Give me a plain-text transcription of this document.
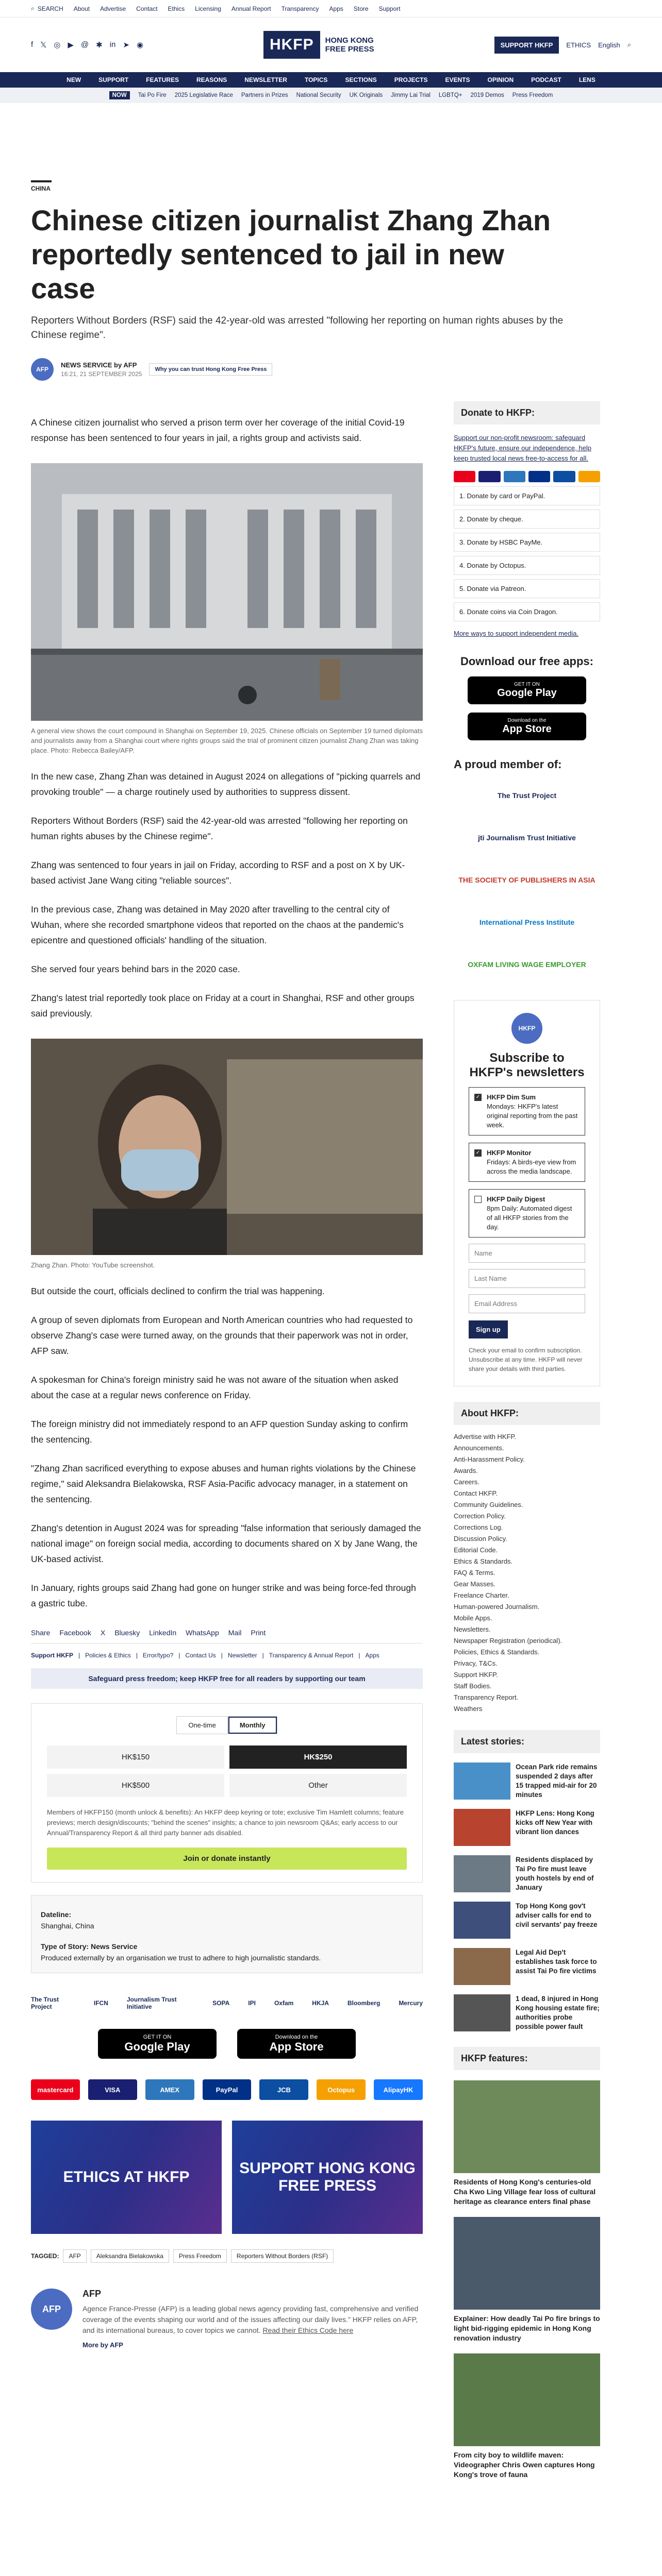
⌕ SEARCH About Advertise Contact Ethics Licensing Annual Report Transparency Apps Store Support
f 𝕏 ◎ ▶ @ ✱ in ➤ ◉	HKFP	HONG KONG
FREE PRESS	SUPPORT HKFP	ETHICS English ⌕
NEW	SUPPORT	FEATURES	REASONS	NEWSLETTER	TOPICS	SECTIONS	PROJECTS	EVENTS	OPINION	PODCAST	LENS
NOW	Tai Po Fire 2025 Legislative Race Partners in Prizes National Security UK Originals Jimmy Lai Trial LGBTQ+ 2019 Demos Press Freedom
CHINA
Chinese citizen journalist Zhang Zhan reportedly sentenced to jail in new case
Reporters Without Borders (RSF) said the 42-year-old was arrested "following her reporting on human rights abuses by the Chinese regime".
AFP
NEWS SERVICE by AFP
16:21, 21 SEPTEMBER 2025
Why you can trust Hong Kong Free Press

A Chinese citizen journalist who served a prison term over her coverage of the initial Covid-19 response has been sentenced to four years in jail, a rights group and activists said.

A general view shows the court compound in Shanghai on September 19, 2025. Chinese officials on September 19 turned diplomats and journalists away from a Shanghai court where rights groups said the trial of prominent citizen journalist Zhang Zhan was taking place. Photo: Rebecca Bailey/AFP.

In the new case, Zhang Zhan was detained in August 2024 on allegations of "picking quarrels and provoking trouble" — a charge routinely used by authorities to suppress dissent.

Reporters Without Borders (RSF) said the 42-year-old was arrested "following her reporting on human rights abuses by the Chinese regime".

Zhang was sentenced to four years in jail on Friday, according to RSF and a post on X by UK-based activist Jane Wang citing "reliable sources".

In the previous case, Zhang was detained in May 2020 after travelling to the central city of Wuhan, where she recorded smartphone videos that reported on the chaos at the pandemic's epicentre and questioned officials' handling of the situation.

She served four years behind bars in the 2020 case.

Zhang's latest trial reportedly took place on Friday at a court in Shanghai, RSF and other groups said previously.

Zhang Zhan. Photo: YouTube screenshot.

But outside the court, officials declined to confirm the trial was happening.

A group of seven diplomats from European and North American countries who had requested to observe Zhang's case were turned away, on the grounds that their paperwork was not in order, AFP saw.

A spokesman for China's foreign ministry said he was not aware of the situation when asked about the case at a regular news conference on Friday.

The foreign ministry did not immediately respond to an AFP question Sunday asking to confirm the sentencing.

"Zhang Zhan sacrificed everything to expose abuses and human rights violations by the Chinese regime," said Aleksandra Bielakowska, RSF Asia-Pacific advocacy manager, in a statement on the sentencing.

Zhang's detention in August 2024 was for spreading "false information that seriously damaged the national image" on foreign social media, according to documents shared on X by Jane Wang, the UK-based activist.

In January, rights groups said Zhang had gone on hunger strike and was being force-fed through a gastric tube.

Share Facebook X Bluesky LinkedIn WhatsApp Mail Print
Support HKFP | Policies & Ethics | Error/typo? | Contact Us | Newsletter | Transparency & Annual Report | Apps
Safeguard press freedom; keep HKFP free for all readers by supporting our team
One-time	Monthly
HK$150	HK$250
HK$500	Other
Members of HKFP150 (month unlock & benefits): An HKFP deep keyring or tote; exclusive Tim Hamlett columns; feature previews; merch design/discounts; "behind the scenes" insights; a chance to join newsroom Q&As; early access to our Annual/Transparency Report & all third party banner ads disabled.
Join or donate instantly
Dateline:
Shanghai, China
Type of Story: News Service
Produced externally by an organisation we trust to adhere to high journalistic standards.
The Trust Project	IFCN	Journalism Trust Initiative	SOPA	IPI	Oxfam	HKJA	Bloomberg	Mercury
GET IT ON
Google Play
Download on the
App Store
mastercard	VISA	AMEX	PayPal	JCB	Octopus	AlipayHK
ETHICS AT HKFP
SUPPORT HONG KONG FREE PRESS
TAGGED:	AFP	Aleksandra Bielakowska	Press Freedom	Reporters Without Borders (RSF)
AFP
AFP

Agence France-Presse (AFP) is a leading global news agency providing fast, comprehensive and verified coverage of the events shaping our world and of the issues affecting our daily lives." HKFP relies on AFP, and its international bureaus, to cover topics we cannot. Read their Ethics Code here

More by AFP
Donate to HKFP:
Support our non-profit newsroom: safeguard HKFP's future, ensure our independence, help keep trusted local news free-to-access for all.
1. Donate by card or PayPal.
2. Donate by cheque.
3. Donate by HSBC PayMe.
4. Donate by Octopus.
5. Donate via Patreon.
6. Donate coins via Coin Dragon.
More ways to support independent media.
Download our free apps:
GET IT ON
Google Play
Download on the
App Store
A proud member of:
The Trust Project
jti Journalism Trust Initiative
THE SOCIETY OF PUBLISHERS IN ASIA
International Press Institute
OXFAM LIVING WAGE EMPLOYER
HKFP
Subscribe to HKFP's newsletters
✓ HKFP Dim Sum
Mondays: HKFP's latest original reporting from the past week.
✓ HKFP Monitor
Fridays: A birds-eye view from across the media landscape.
HKFP Daily Digest
8pm Daily: Automated digest of all HKFP stories from the day.
Name
Last Name
Email Address
Sign up
Check your email to confirm subscription. Unsubscribe at any time. HKFP will never share your details with third parties.
About HKFP:
Advertise with HKFP.
Announcements.
Anti-Harassment Policy.
Awards.
Careers.
Contact HKFP.
Community Guidelines.
Correction Policy.
Corrections Log.
Discussion Policy.
Editorial Code.
Ethics & Standards.
FAQ & Terms.
Gear Masses.
Freelance Charter.
Human-powered Journalism.
Mobile Apps.
Newsletters.
Newspaper Registration (periodical).
Policies, Ethics & Standards.
Privacy, T&Cs.
Support HKFP.
Staff Bodies.
Transparency Report.
Weathers
Latest stories:
Ocean Park ride remains suspended 2 days after 15 trapped mid-air for 20 minutes
HKFP Lens: Hong Kong kicks off New Year with vibrant lion dances
Residents displaced by Tai Po fire must leave youth hostels by end of January
Top Hong Kong gov't adviser calls for end to civil servants' pay freeze
Legal Aid Dep't establishes task force to assist Tai Po fire victims
1 dead, 8 injured in Hong Kong housing estate fire; authorities probe possible power fault
HKFP features:
Residents of Hong Kong's centuries-old Cha Kwo Ling Village fear loss of cultural heritage as clearance enters final phase
Explainer: How deadly Tai Po fire brings to light bid-rigging epidemic in Hong Kong renovation industry
From city boy to wildlife maven: Videographer Chris Owen captures Hong Kong's trove of fauna
